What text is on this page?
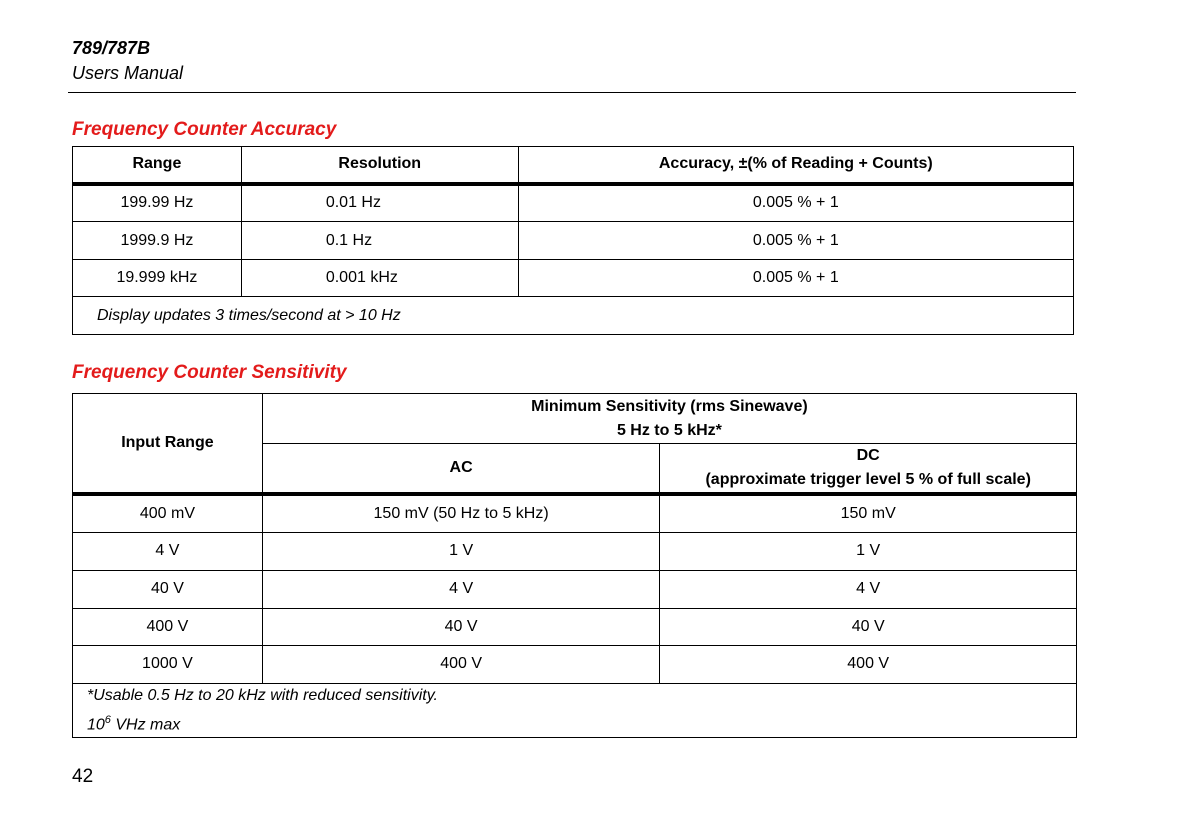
789/787B
Users Manual
Frequency Counter Accuracy
Range	Resolution	Accuracy, ±(% of Reading + Counts)
199.99 Hz	0.01 Hz	0.005 % + 1
1999.9 Hz	0.1 Hz	0.005 % + 1
19.999 kHz	0.001 kHz	0.005 % + 1
Display updates 3 times/second at > 10 Hz		
Frequency Counter Sensitivity
Input Range	Minimum Sensitivity (rms Sinewave)
5 Hz to 5 kHz*	

	AC	DC
(approximate trigger level 5 % of full scale)

400 mV	150 mV (50 Hz to 5 kHz)	150 mV
4 V	1 V	1 V
40 V	4 V	4 V
400 V	40 V	40 V
1000 V	400 V	400 V

*Usable 0.5 Hz to 20 kHz with reduced sensitivity.
$10^6$ VHz max		
42
